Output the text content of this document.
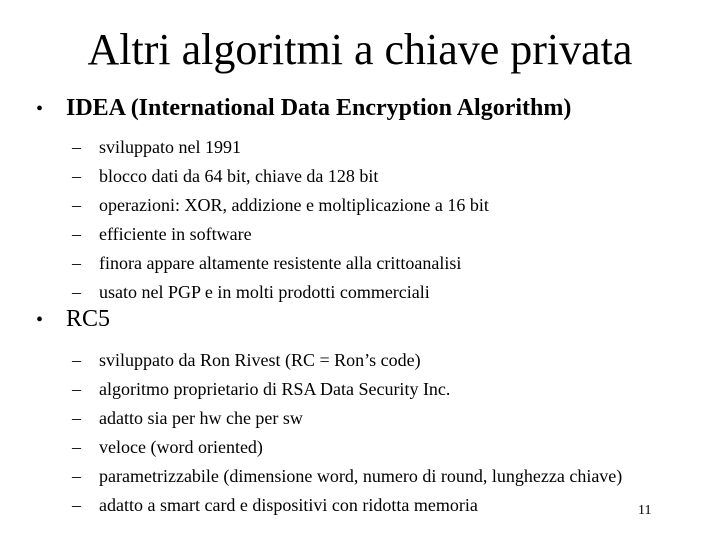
Altri algoritmi a chiave privata
• IDEA (International Data Encryption Algorithm)
–	sviluppato nel 1991
–	blocco dati da 64 bit, chiave da 128 bit
–	operazioni: XOR, addizione e moltiplicazione a 16 bit
–	efficiente in software
–	finora appare altamente resistente alla crittoanalisi
–	usato nel PGP e in molti prodotti commerciali
• RC5
–	sviluppato da Ron Rivest (RC = Ron’s code)
–	algoritmo proprietario di RSA Data Security Inc.
–	adatto sia per hw che per sw
–	veloce (word oriented)
–	parametrizzabile (dimensione word, numero di round, lunghezza chiave)
–	adatto a smart card e dispositivi con ridotta memoria	11
